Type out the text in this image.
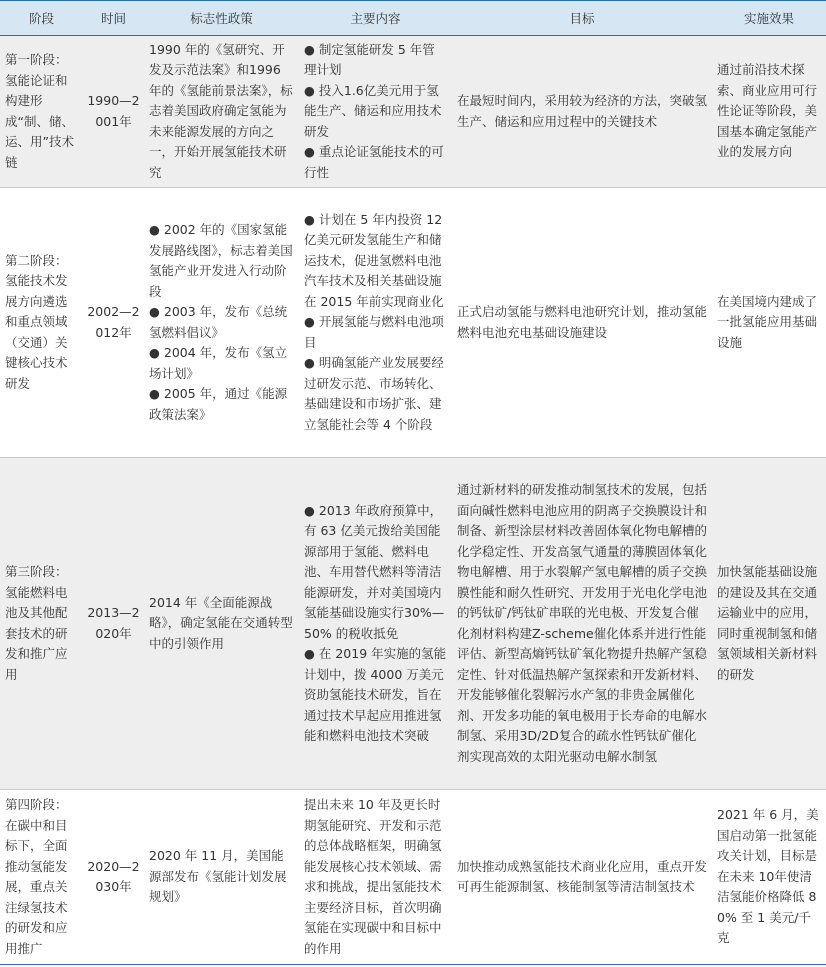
阶段	时间	标志性政策	主要内容	目标	实施效果
第一阶段：氢能论证和构建形成“制、储、运、用”技术链	1990—2001年	1990 年的《氢研究、开发及示范法案》和1996 年的《氢能前景法案》，标志着美国政府确定氢能为未来能源发展的方向之一，开始开展氢能技术研究	● 制定氢能研发 5 年管理计划
● 投入1.6亿美元用于氢能生产、储运和应用技术研发
● 重点论证氢能技术的可行性	在最短时间内，采用较为经济的方法，突破氢生产、储运和应用过程中的关键技术	通过前沿技术探索、商业应用可行性论证等阶段，美国基本确定氢能产业的发展方向
第二阶段：氢能技术发展方向遴选和重点领域（交通）关键核心技术研发	2002—2012年	● 2002 年的《国家氢能发展路线图》，标志着美国氢能产业开发进入行动阶段
● 2003 年，发布《总统氢燃料倡议》
● 2004 年，发布《氢立场计划》
● 2005 年，通过《能源政策法案》	● 计划在 5 年内投资 12 亿美元研发氢能生产和储运技术，促进氢燃料电池汽车技术及相关基础设施在 2015 年前实现商业化
● 开展氢能与燃料电池项目
● 明确氢能产业发展要经过研发示范、市场转化、基础建设和市场扩张、建立氢能社会等 4 个阶段	正式启动氢能与燃料电池研究计划，推动氢能燃料电池充电基础设施建设	在美国境内建成了一批氢能应用基础设施
第三阶段：氢能燃料电池及其他配套技术的研发和推广应用	2013—2020年	2014 年《全面能源战略》，确定氢能在交通转型中的引领作用	● 2013 年政府预算中，有 63 亿美元拨给美国能源部用于氢能、燃料电池、车用替代燃料等清洁能源研发，并对美国境内氢能基础设施实行30%—50% 的税收抵免
● 在 2019 年实施的氢能计划中，拨 4000 万美元资助氢能技术研发，旨在通过技术早起应用推进氢能和燃料电池技术突破	通过新材料的研发推动制氢技术的发展，包括面向碱性燃料电池应用的阴离子交换膜设计和制备、新型涂层材料改善固体氧化物电解槽的化学稳定性、开发高氢气通量的薄膜固体氧化物电解槽、用于水裂解产氢电解槽的质子交换膜性能和耐久性研究、开发用于光电化学电池的钙钛矿/钙钛矿串联的光电极、开发复合催化剂材料构建Z-scheme催化体系并进行性能评估、新型高熵钙钛矿氧化物提升热解产氢稳定性、针对低温热解产氢探索和开发新材料、开发能够催化裂解污水产氢的非贵金属催化剂、开发多功能的氧电极用于长寿命的电解水制氢、采用3D/2D复合的疏水性钙钛矿催化剂实现高效的太阳光驱动电解水制氢	加快氢能基础设施的建设及其在交通运输业中的应用，同时重视制氢和储氢领域相关新材料的研发
第四阶段：在碳中和目标下，全面推动氢能发展，重点关注绿氢技术的研发和应用推广	2020—2030年	2020 年 11 月，美国能源部发布《氢能计划发展规划》	提出未来 10 年及更长时期氢能研究、开发和示范的总体战略框架，明确氢能发展核心技术领域、需求和挑战，提出氢能技术主要经济目标，首次明确氢能在实现碳中和目标中的作用	加快推动成熟氢能技术商业化应用，重点开发可再生能源制氢、核能制氢等清洁制氢技术	2021 年 6 月，美国启动第一批氢能攻关计划，目标是在未来 10年使清洁氢能价格降低 80% 至 1 美元/千克
